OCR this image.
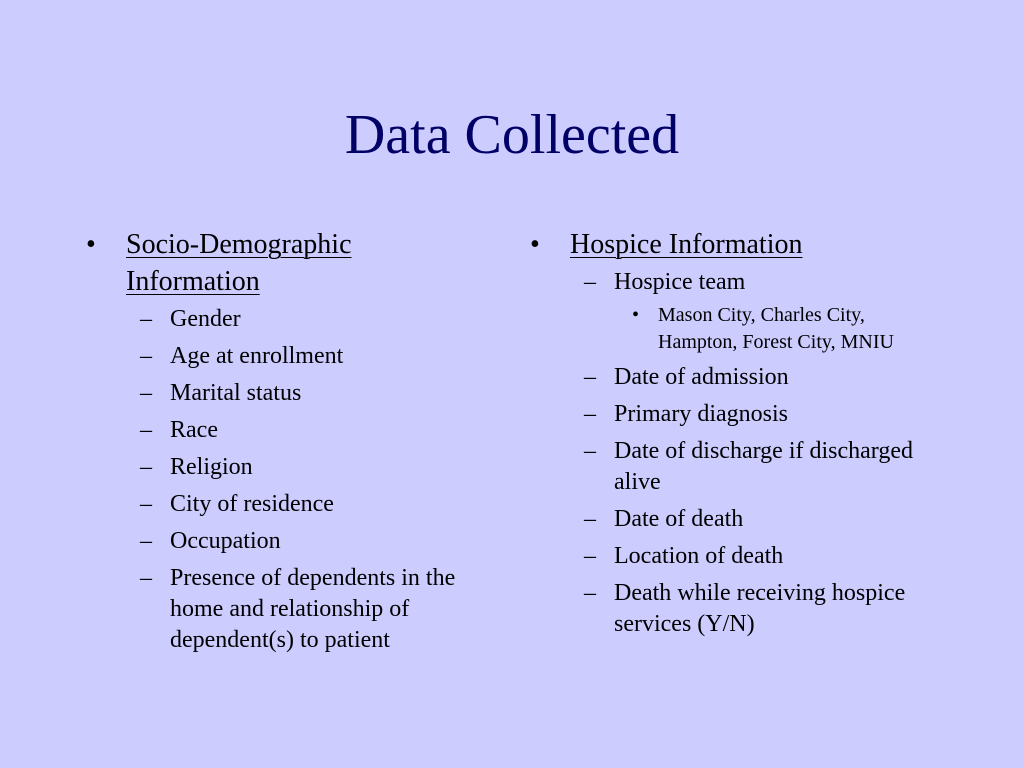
Data Collected
• Socio-Demographic Information
– Gender
– Age at enrollment
– Marital status
– Race
– Religion
– City of residence
– Occupation
– Presence of dependents in the home and relationship of dependent(s) to patient
• Hospice Information
– Hospice team
• Mason City, Charles City, Hampton, Forest City, MNIU
– Date of admission
– Primary diagnosis
– Date of discharge if discharged alive
– Date of death
– Location of death
– Death while receiving hospice services (Y/N)
